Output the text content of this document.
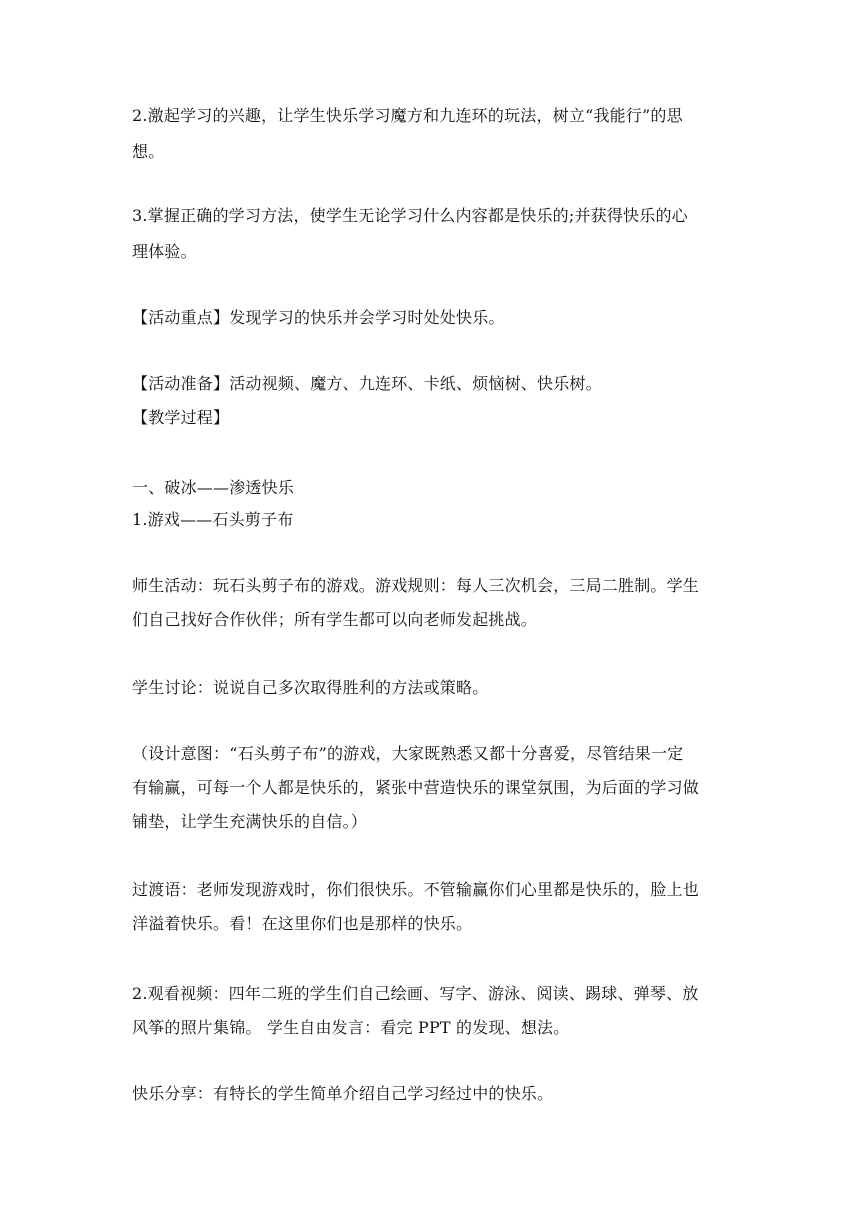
2.激起学习的兴趣，让学生快乐学习魔方和九连环的玩法，树立“我能行”的思
想。
3.掌握正确的学习方法，使学生无论学习什么内容都是快乐的;并获得快乐的心
理体验。
【活动重点】发现学习的快乐并会学习时处处快乐。
【活动准备】活动视频、魔方、九连环、卡纸、烦恼树、快乐树。
【教学过程】
一、破冰——渗透快乐
1.游戏——石头剪子布
师生活动：玩石头剪子布的游戏。游戏规则：每人三次机会，三局二胜制。学生
们自己找好合作伙伴；所有学生都可以向老师发起挑战。
学生讨论：说说自己多次取得胜利的方法或策略。
（设计意图：“石头剪子布”的游戏，大家既熟悉又都十分喜爱，尽管结果一定
有输赢，可每一个人都是快乐的，紧张中营造快乐的课堂氛围，为后面的学习做
铺垫，让学生充满快乐的自信。）
过渡语：老师发现游戏时，你们很快乐。不管输赢你们心里都是快乐的，脸上也
洋溢着快乐。看！在这里你们也是那样的快乐。
2.观看视频：四年二班的学生们自己绘画、写字、游泳、阅读、踢球、弹琴、放
风筝的照片集锦。 学生自由发言：看完 PPT 的发现、想法。
快乐分享：有特长的学生简单介绍自己学习经过中的快乐。
